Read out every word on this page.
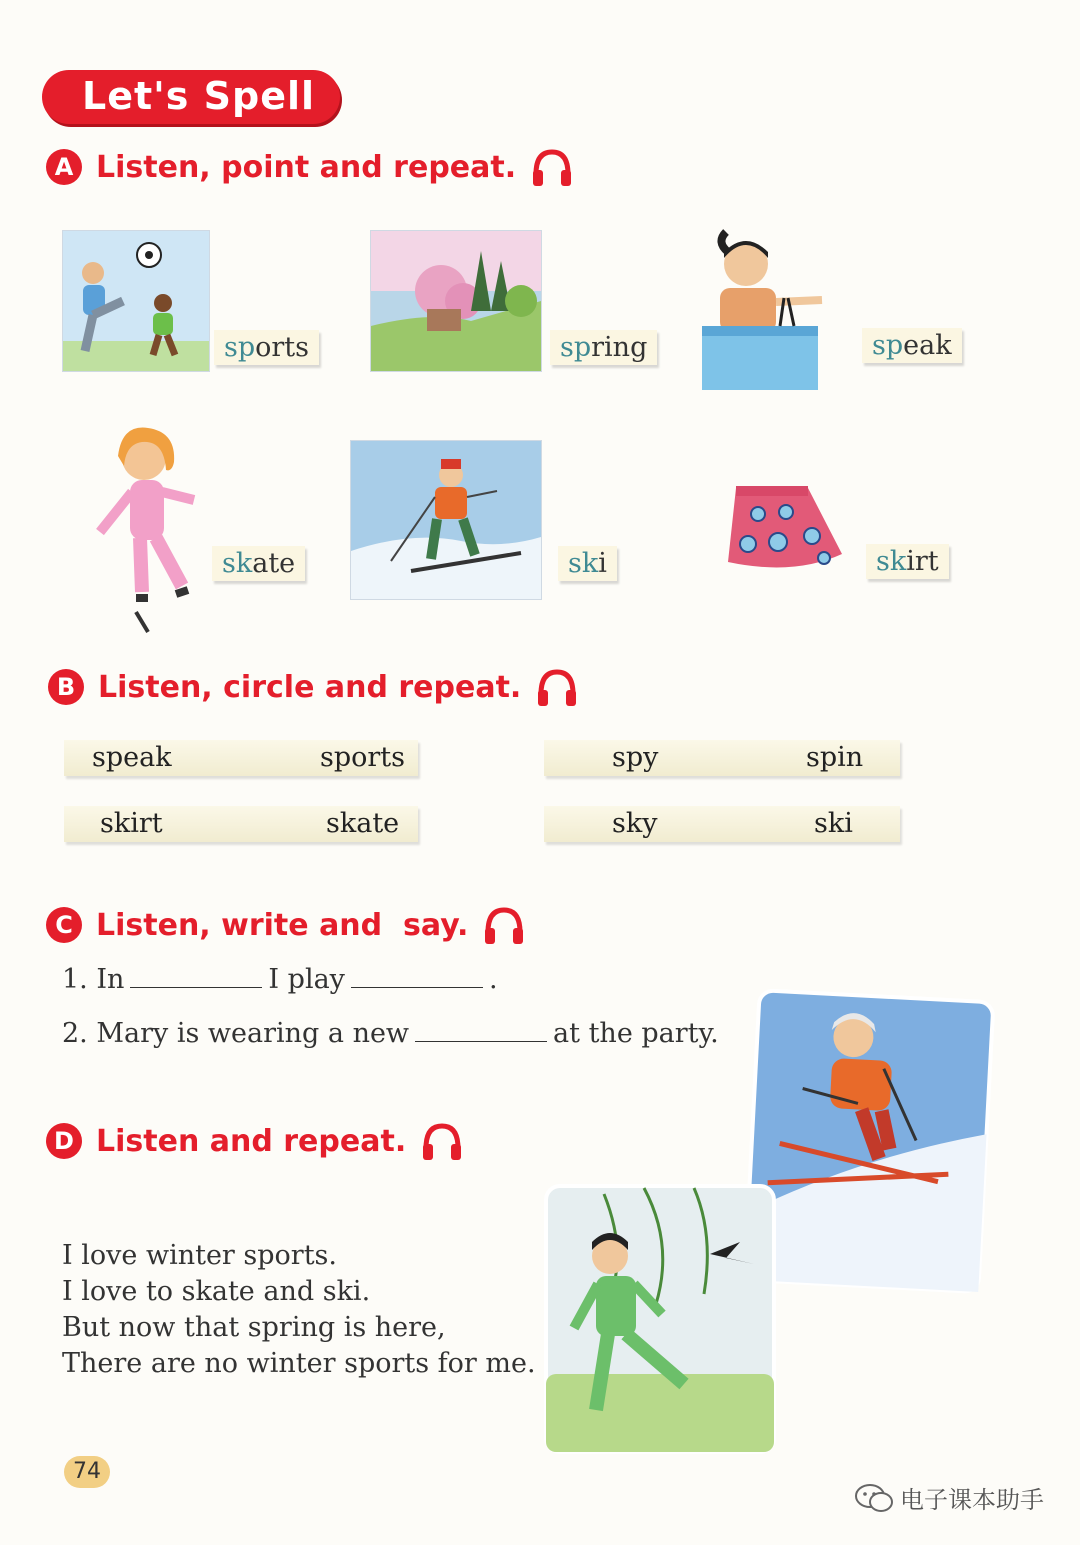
Let's Spell
A Listen, point and repeat.
sports	spring	speak
skate	ski	skirt
B Listen, circle and repeat.
speak	sports	spy	spin
skirt	skate	sky	ski
C Listen, write and  say.
1. In	I play	.
2. Mary is wearing a new	at the party.
D Listen and repeat.
I love winter sports.
I love to skate and ski.
But now that spring is here,
There are no winter sports for me.
74
电子课本助手
